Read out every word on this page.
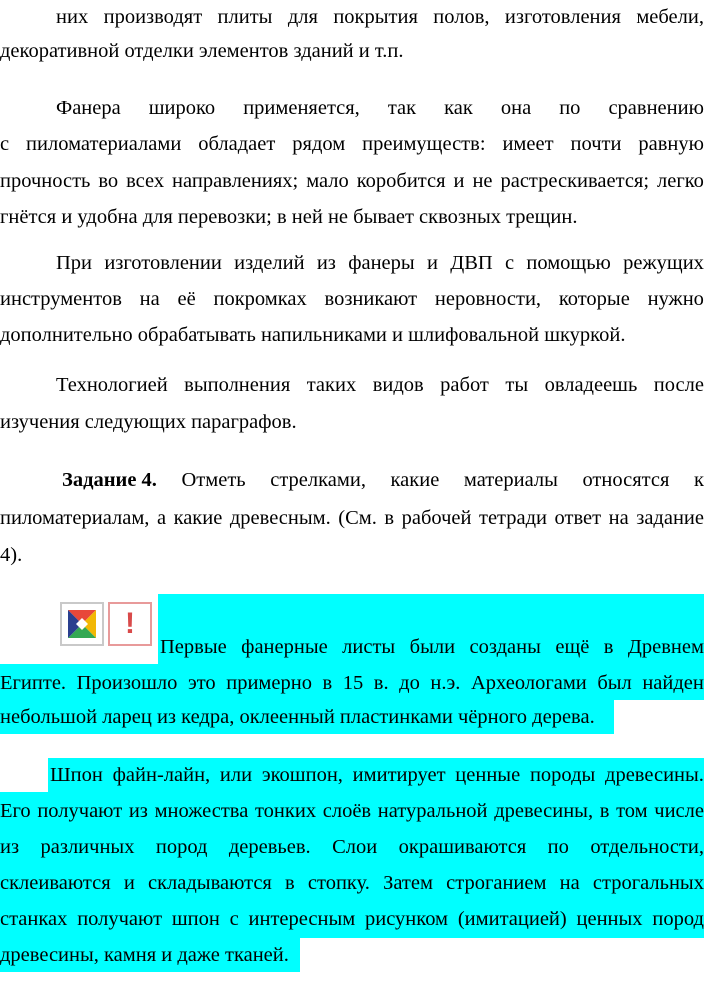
них производят плиты для покрытия полов, изготовления мебели,
декоративной отделки элементов зданий и т.п.
Фанера широко применяется, так как она по сравнению
с пиломатериалами обладает рядом преимуществ: имеет почти равную
прочность во всех направлениях; мало коробится и не растрескивается; легко
гнётся и удобна для перевозки; в ней не бывает сквозных трещин.
При изготовлении изделий из фанеры и ДВП с помощью режущих
инструментов на её покромках возникают неровности, которые нужно
дополнительно обрабатывать напильниками и шлифовальной шкуркой.
Технологией выполнения таких видов работ ты овладеешь после
изучения следующих параграфов.
Задание 4. Отметь стрелками, какие материалы относятся к
пиломатериалам, а какие древесным. (См. в рабочей тетради ответ на задание
4).
!
Первые фанерные листы были созданы ещё в Древнем
Египте. Произошло это примерно в 15 в. до н.э. Археологами был найден
небольшой ларец из кедра, оклеенный пластинками чёрного дерева.
Шпон файн-лайн, или экошпон, имитирует ценные породы древесины.
Его получают из множества тонких слоёв натуральной древесины, в том числе
из различных пород деревьев. Слои окрашиваются по отдельности,
склеиваются и складываются в стопку. Затем строганием на строгальных
станках получают шпон с интересным рисунком (имитацией) ценных пород
древесины, камня и даже тканей.
